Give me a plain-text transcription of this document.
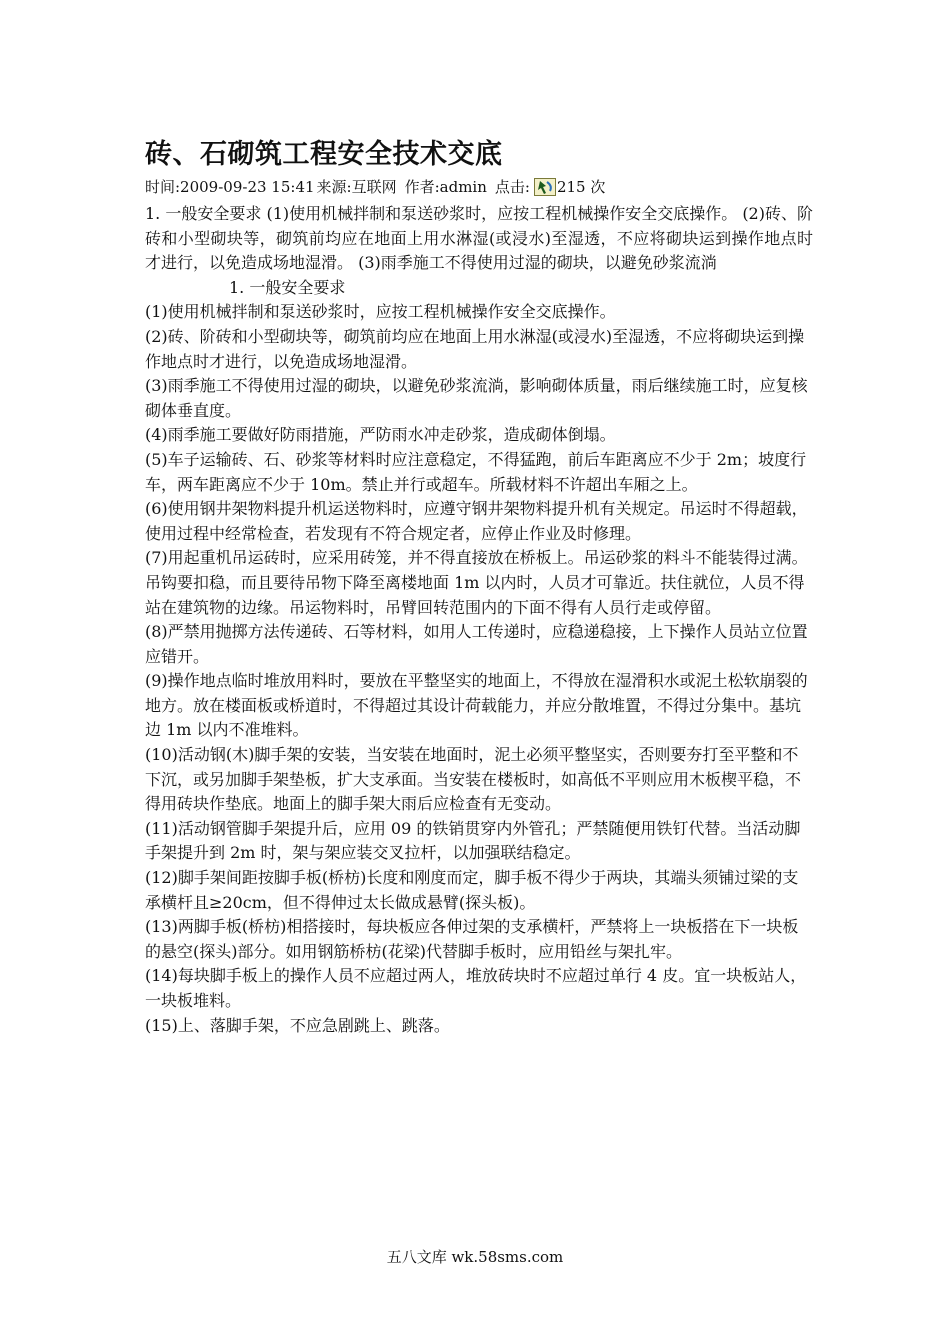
砖、石砌筑工程安全技术交底
时间:2009-09-23 15:41 来源:互联网 作者:admin 点击: 215 次

1. 一般安全要求 (1)使用机械拌制和泵送砂浆时，应按工程机械操作安全交底操作。 (2)砖、阶砖和小型砌块等，砌筑前均应在地面上用水淋湿(或浸水)至湿透，不应将砌块运到操作地点时才进行，以免造成场地湿滑。 (3)雨季施工不得使用过湿的砌块，以避免砂浆流淌

1. 一般安全要求

(1)使用机械拌制和泵送砂浆时，应按工程机械操作安全交底操作。

(2)砖、阶砖和小型砌块等，砌筑前均应在地面上用水淋湿(或浸水)至湿透，不应将砌块运到操作地点时才进行，以免造成场地湿滑。

(3)雨季施工不得使用过湿的砌块，以避免砂浆流淌，影响砌体质量，雨后继续施工时，应复核砌体垂直度。

(4)雨季施工要做好防雨措施，严防雨水冲走砂浆，造成砌体倒塌。

(5)车子运输砖、石、砂浆等材料时应注意稳定，不得猛跑，前后车距离应不少于 2m；坡度行车，两车距离应不少于 10m。禁止并行或超车。所载材料不许超出车厢之上。

(6)使用钢井架物料提升机运送物料时，应遵守钢井架物料提升机有关规定。吊运时不得超载，使用过程中经常检查，若发现有不符合规定者，应停止作业及时修理。

(7)用起重机吊运砖时，应采用砖笼，并不得直接放在桥板上。吊运砂浆的料斗不能装得过满。吊钩要扣稳，而且要待吊物下降至离楼地面 1m 以内时，人员才可靠近。扶住就位，人员不得站在建筑物的边缘。吊运物料时，吊臂回转范围内的下面不得有人员行走或停留。

(8)严禁用抛掷方法传递砖、石等材料，如用人工传递时，应稳递稳接，上下操作人员站立位置应错开。

(9)操作地点临时堆放用料时，要放在平整坚实的地面上，不得放在湿滑积水或泥土松软崩裂的地方。放在楼面板或桥道时，不得超过其设计荷载能力，并应分散堆置，不得过分集中。基坑边 1m 以内不准堆料。

(10)活动钢(木)脚手架的安装，当安装在地面时，泥土必须平整坚实，否则要夯打至平整和不下沉，或另加脚手架垫板，扩大支承面。当安装在楼板时，如高低不平则应用木板楔平稳，不得用砖块作垫底。地面上的脚手架大雨后应检查有无变动。

(11)活动钢管脚手架提升后，应用 09 的铁销贯穿内外管孔；严禁随便用铁钉代替。当活动脚手架提升到 2m 时，架与架应装交叉拉杆，以加强联结稳定。

(12)脚手架间距按脚手板(桥枋)长度和刚度而定，脚手板不得少于两块，其端头须铺过梁的支承横杆且≥20cm，但不得伸过太长做成悬臂(探头板)。

(13)两脚手板(桥枋)相搭接时，每块板应各伸过架的支承横杆，严禁将上一块板搭在下一块板的悬空(探头)部分。如用钢筋桥枋(花梁)代替脚手板时，应用铅丝与架扎牢。

(14)每块脚手板上的操作人员不应超过两人，堆放砖块时不应超过单行 4 皮。宜一块板站人，一块板堆料。

(15)上、落脚手架，不应急剧跳上、跳落。

五八文库 wk.58sms.com
